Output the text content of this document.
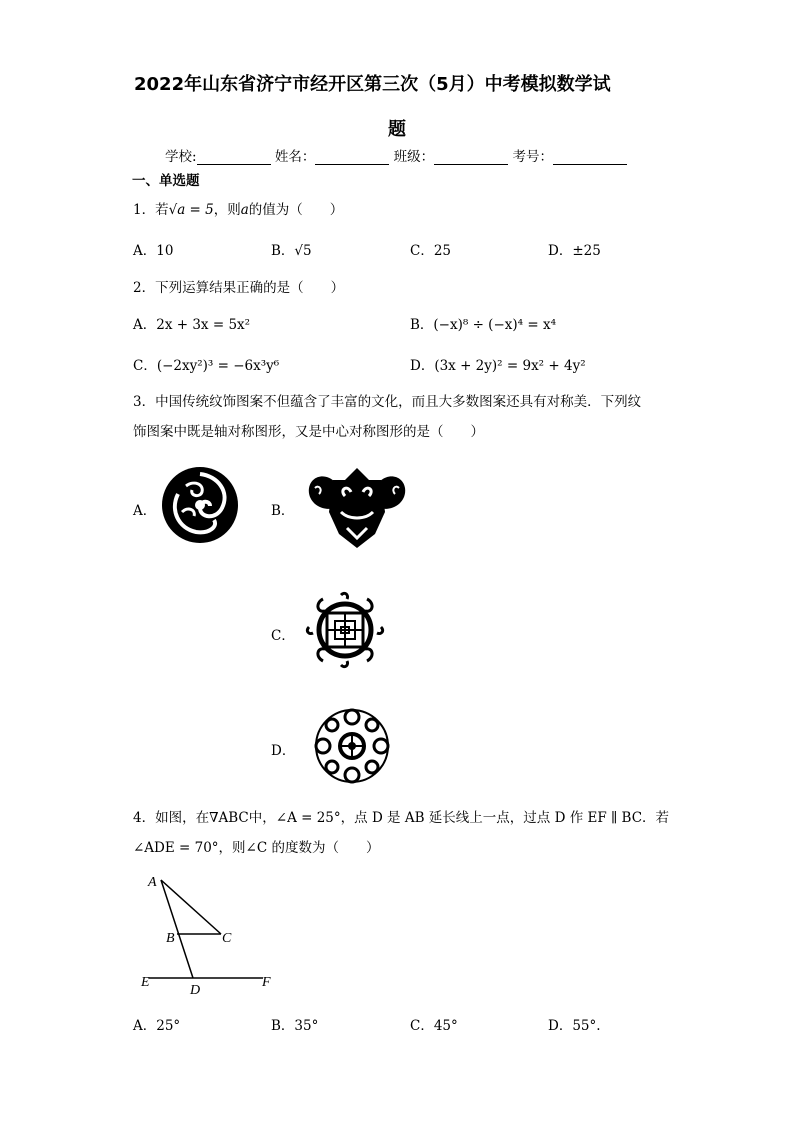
2022年山东省济宁市经开区第三次（5月）中考模拟数学试
题
学校:	姓名：	班级：	考号：
一、单选题
1．若√a = 5，则a的值为（　　）
A．10	B．√5	C．25	D．±25
2．下列运算结果正确的是（　　）
A．2x + 3x = 5x²	B．(−x)⁸ ÷ (−x)⁴ = x⁴
C．(−2xy²)³ = −6x³y⁶	D．(3x + 2y)² = 9x² + 4y²
3．中国传统纹饰图案不但蕴含了丰富的文化，而且大多数图案还具有对称美．下列纹
饰图案中既是轴对称图形，又是中心对称图形的是（　　）
A．	B．
C．
D．
4．如图，在∇ABC中，∠A = 25°，点 D 是 AB 延长线上一点，过点 D 作 EF ∥ BC．若
∠ADE = 70°，则∠C 的度数为（　　）
A
B	C
E
D
F
A．25°	B．35°	C．45°	D．55°.
